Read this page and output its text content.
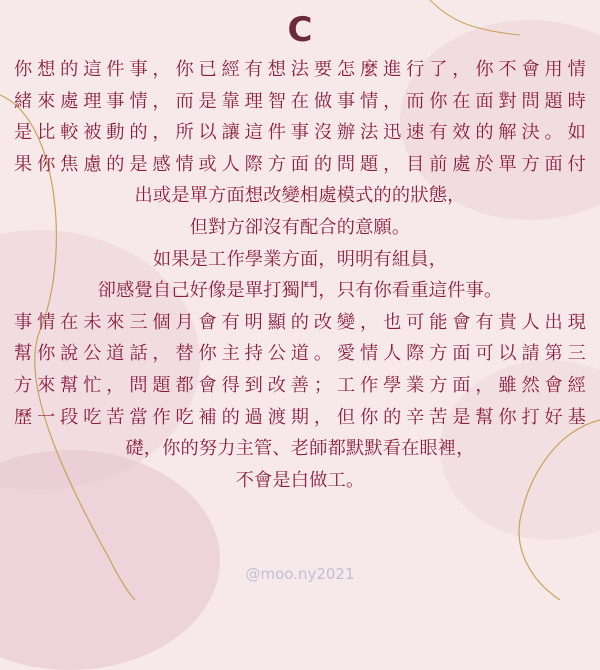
C
你想的這件事，你已經有想法要怎麼進行了，你不會用情
緒來處理事情，而是靠理智在做事情，而你在面對問題時
是比較被動的，所以讓這件事沒辦法迅速有效的解決。如
果你焦慮的是感情或人際方面的問題，目前處於單方面付
出或是單方面想改變相處模式的的狀態，
但對方卻沒有配合的意願。
如果是工作學業方面，明明有組員，
卻感覺自己好像是單打獨鬥，只有你看重這件事。
事情在未來三個月會有明顯的改變，也可能會有貴人出現
幫你說公道話，替你主持公道。愛情人際方面可以請第三
方來幫忙，問題都會得到改善；工作學業方面，雖然會經
歷一段吃苦當作吃補的過渡期，但你的辛苦是幫你打好基
礎，你的努力主管、老師都默默看在眼裡，
不會是白做工。
@moo.ny2021
